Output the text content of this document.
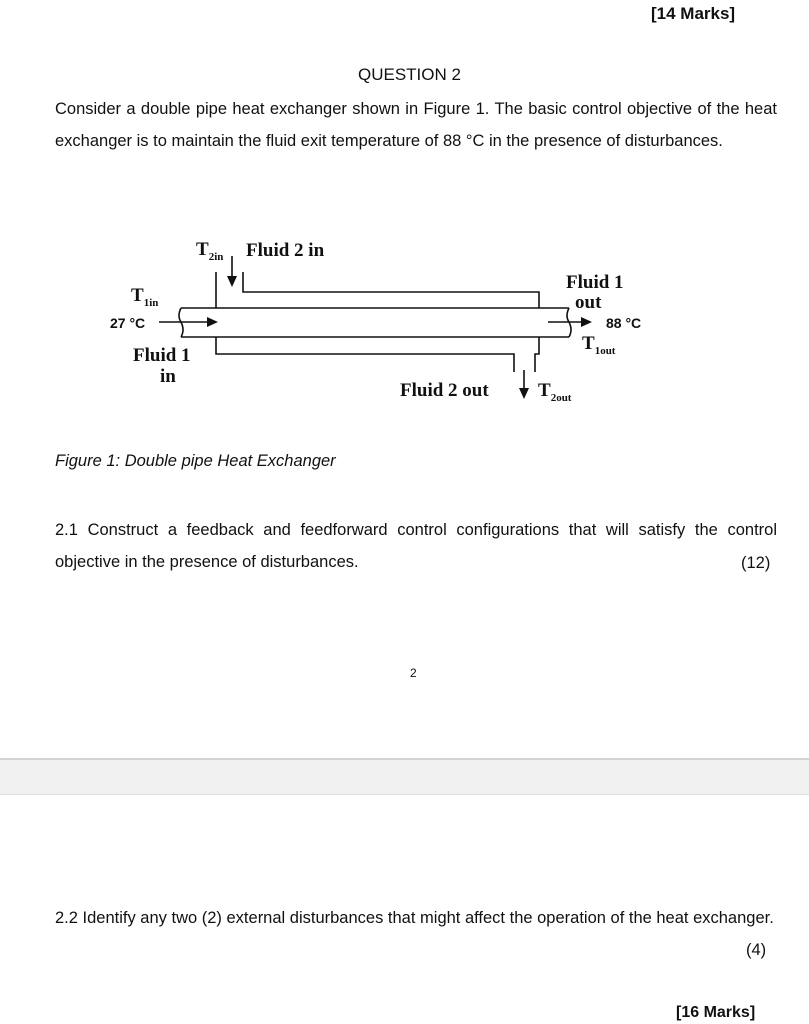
[14 Marks]
QUESTION 2
Consider a double pipe heat exchanger shown in Figure 1. The basic control objective of the heat exchanger is to maintain the fluid exit temperature of 88 °C in the presence of disturbances.
$T_{2in}$ Fluid 2 in
$T_{1in}$
27 °C
Fluid 1
in
Fluid 1
out
88 °C
$T_{1out}$
Fluid 2 out	$T_{2out}$
Figure 1: Double pipe Heat Exchanger
2.1 Construct a feedback and feedforward control configurations that will satisfy the control objective in the presence of disturbances.	(12)
2
2.2 Identify any two (2) external disturbances that might affect the operation of the heat exchanger.
(4)
[16 Marks]
